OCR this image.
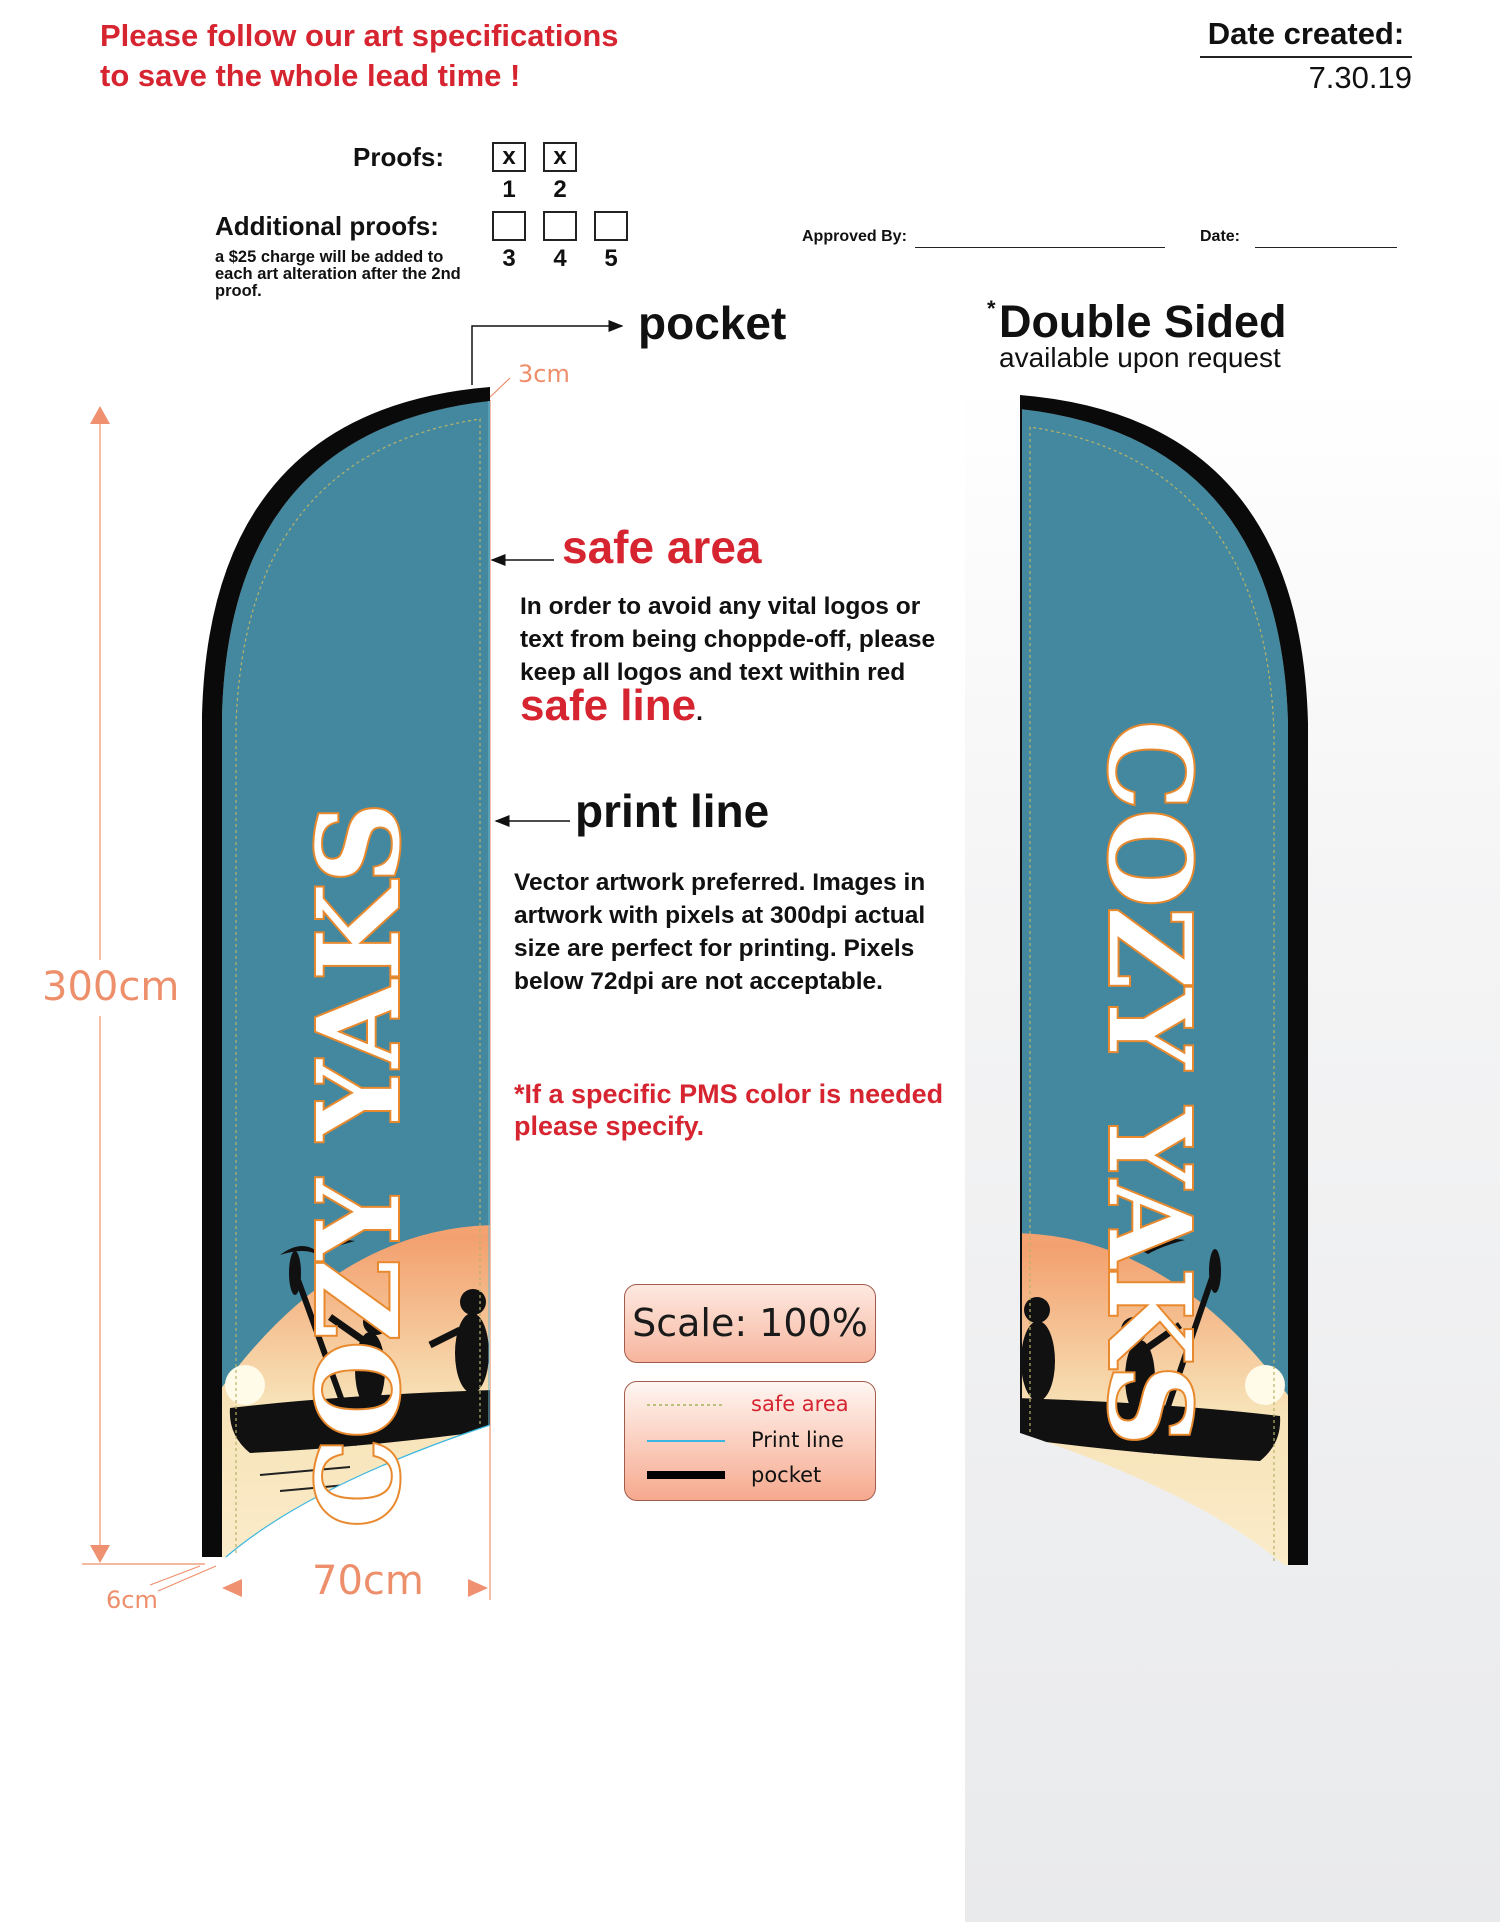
Please follow our art specifications
to save the whole lead time !
Date created:
7.30.19
Proofs:	x	x
1	2
Additional proofs:
a $25 charge will be added to each art alteration after the 2nd proof.
3	4	5
Approved By:	Date:
pocket	* Double Sided
available upon request
safe area
In order to avoid any vital logos or text from being choppde-off, please keep all logos and text within red safe line.
print line
Vector artwork preferred. Images in artwork with pixels at 300dpi actual size are perfect for printing. Pixels below 72dpi are not acceptable.
*If a specific PMS color is needed please specify.
Scale: 100%
safe area
Print line
pocket
3cm
300cm
70cm
6cm
COZY YAKS	COZY YAKS
